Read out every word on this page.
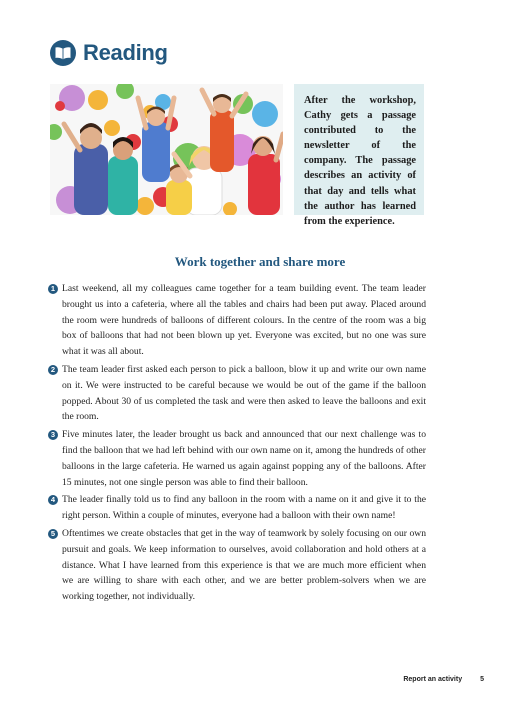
Reading
After the workshop, Cathy gets a passage contributed to the newsletter of the company. The passage describes an activity of that day and tells what the author has learned from the experience.
Work together and share more
1 Last weekend, all my colleagues came together for a team building event. The team leader brought us into a cafeteria, where all the tables and chairs had been put away. Placed around the room were hundreds of balloons of different colours. In the centre of the room was a big box of balloons that had not been blown up yet. Everyone was excited, but no one was sure what it was all about.
2 The team leader first asked each person to pick a balloon, blow it up and write our own name on it. We were instructed to be careful because we would be out of the game if the balloon popped. About 30 of us completed the task and were then asked to leave the balloons and exit the room.
3 Five minutes later, the leader brought us back and announced that our next challenge was to find the balloon that we had left behind with our own name on it, among the hundreds of other balloons in the large cafeteria. He warned us again against popping any of the balloons. After 15 minutes, not one single person was able to find their balloon.
4 The leader finally told us to find any balloon in the room with a name on it and give it to the right person. Within a couple of minutes, everyone had a balloon with their own name!
5 Oftentimes we create obstacles that get in the way of teamwork by solely focusing on our own pursuit and goals. We keep information to ourselves, avoid collaboration and hold others at a distance. What I have learned from this experience is that we are much more efficient when we are willing to share with each other, and we are better problem-solvers when we are working together, not individually.
Report an activity	5
